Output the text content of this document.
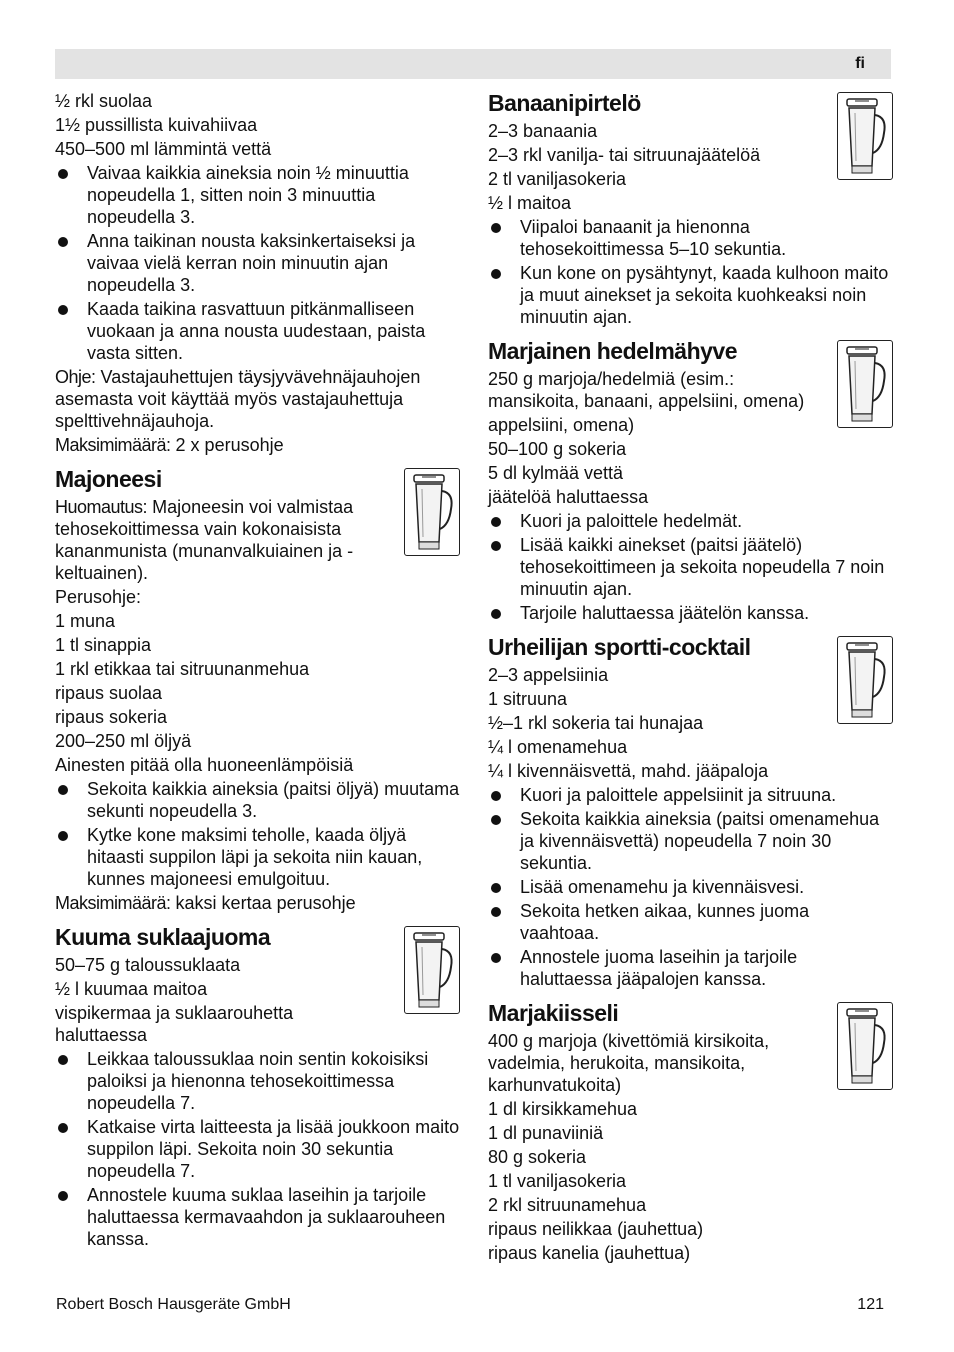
fi

½ rkl suolaa

1½ pussillista kuivahiivaa

450–500 ml lämmintä vettä

Vaivaa kaikkia aineksia noin ½ minuuttia nopeudella 1, sitten noin 3 minuuttia nopeudella 3.

Anna taikinan nousta kaksinkertaiseksi ja vaivaa vielä kerran noin minuutin ajan nopeudella 3.

Kaada taikina rasvattuun pitkänmalliseen vuokaan ja anna nousta uudestaan, paista vasta sitten.

Ohje: Vastajauhettujen täysjyvävehnäjauhojen asemasta voit käyttää myös vastajauhettuja spelttivehnäjauhoja.

Maksimimäärä: 2 x perusohje

Majoneesi

Huomautus: Majoneesin voi valmistaa tehosekoittimessa vain kokonaisista kananmunista (munanvalkuiainen ja -keltuainen).

Perusohje:

1 muna

1 tl sinappia

1 rkl etikkaa tai sitruunanmehua

ripaus suolaa

ripaus sokeria

200–250 ml öljyä

Ainesten pitää olla huoneenlämpöisiä

Sekoita kaikkia aineksia (paitsi öljyä) muutama sekunti nopeudella 3.

Kytke kone maksimi teholle, kaada öljyä hitaasti suppilon läpi ja sekoita niin kauan, kunnes majoneesi emulgoituu.

Maksimimäärä: kaksi kertaa perusohje

Kuuma suklaajuoma

50–75 g taloussuklaata

½ l kuumaa maitoa

vispikermaa ja suklaarouhetta haluttaessa

Leikkaa taloussuklaa noin sentin kokoisiksi paloiksi ja hienonna tehosekoittimessa nopeudella 7.

Katkaise virta laitteesta ja lisää joukkoon maito suppilon läpi. Sekoita noin 30 sekuntia nopeudella 7.

Annostele kuuma suklaa laseihin ja tarjoile haluttaessa kermavaahdon ja suklaarouheen kanssa.

Banaanipirtelö

2–3 banaania

2–3 rkl vanilja- tai sitruunajäätelöä

2 tl vaniljasokeria

½ l maitoa

Viipaloi banaanit ja hienonna tehosekoittimessa 5–10 sekuntia.

Kun kone on pysähtynyt, kaada kulhoon maito ja muut ainekset ja sekoita kuohkeaksi noin minuutin ajan.

Marjainen hedelmähyve

250 g marjoja/hedelmiä (esim.: mansikoita, banaani, appelsiini, omena)

appelsiini, omena)

50–100 g sokeria

5 dl kylmää vettä

jäätelöä haluttaessa

Kuori ja paloittele hedelmät.

Lisää kaikki ainekset (paitsi jäätelö) tehosekoittimeen ja sekoita nopeudella 7 noin minuutin ajan.

Tarjoile haluttaessa jäätelön kanssa.

Urheilijan sportti-cocktail

2–3 appelsiinia

1 sitruuna

½–1 rkl sokeria tai hunajaa

¼ l omenamehua

¼ l kivennäisvettä, mahd. jääpaloja

Kuori ja paloittele appelsiinit ja sitruuna.

Sekoita kaikkia aineksia (paitsi omenamehua ja kivennäisvettä) nopeudella 7 noin 30 sekuntia.

Lisää omenamehu ja kivennäisvesi.

Sekoita hetken aikaa, kunnes juoma vaahtoaa.

Annostele juoma laseihin ja tarjoile haluttaessa jääpalojen kanssa.

Marjakiisseli

400 g marjoja (kivettömiä kirsikoita, vadelmia, herukoita, mansikoita, karhunvatukoita)

1 dl kirsikkamehua

1 dl punaviiniä

80 g sokeria

1 tl vaniljasokeria

2 rkl sitruunamehua

ripaus neilikkaa (jauhettua)

ripaus kanelia (jauhettua)

Robert Bosch Hausgeräte GmbH	121
